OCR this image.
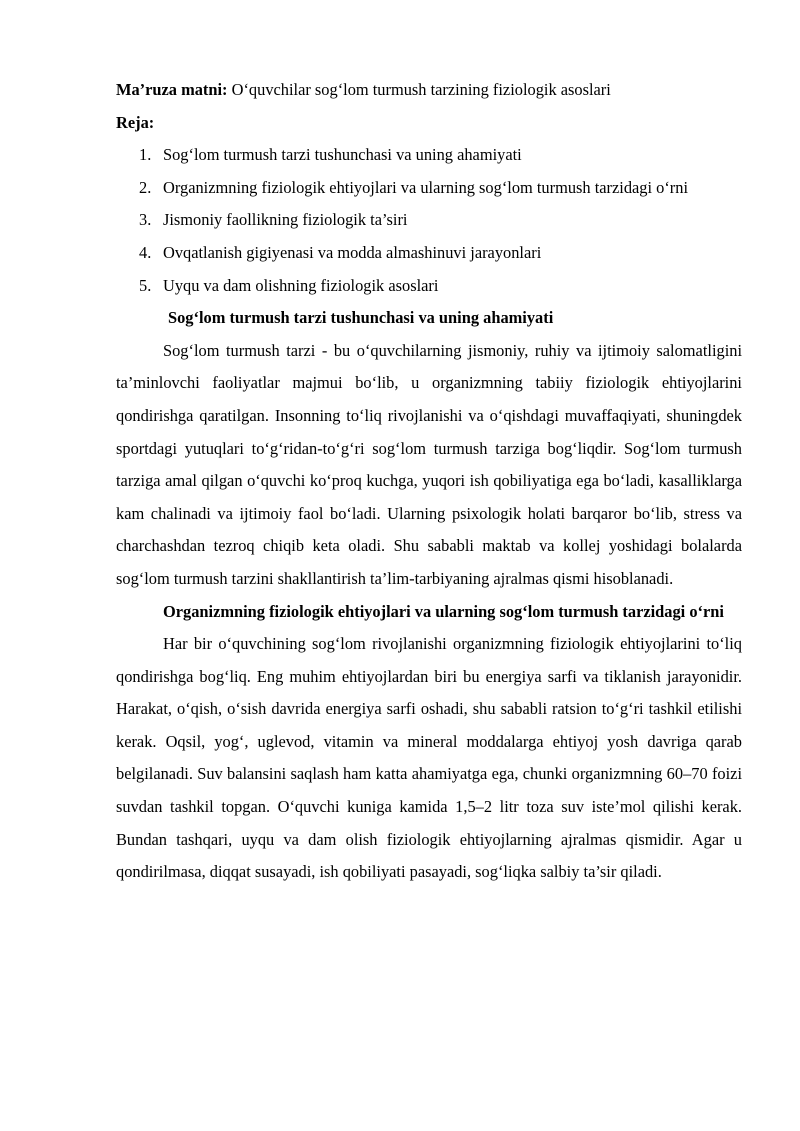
Ma’ruza matni: O‘quvchilar sog‘lom turmush tarzining fiziologik asoslari
Reja:
1. Sog‘lom turmush tarzi tushunchasi va uning ahamiyati
2. Organizmning fiziologik ehtiyojlari va ularning sog‘lom turmush tarzidagi o‘rni
3. Jismoniy faollikning fiziologik ta’siri
4. Ovqatlanish gigiyenasi va modda almashinuvi jarayonlari
5. Uyqu va dam olishning fiziologik asoslari
Sog‘lom turmush tarzi tushunchasi va uning ahamiyati

Sog‘lom turmush tarzi - bu o‘quvchilarning jismoniy, ruhiy va ijtimoiy salomatligini ta’minlovchi faoliyatlar majmui bo‘lib, u organizmning tabiiy fiziologik ehtiyojlarini qondirishga qaratilgan. Insonning to‘liq rivojlanishi va o‘qishdagi muvaffaqiyati, shuningdek sportdagi yutuqlari to‘g‘ridan-to‘g‘ri sog‘lom turmush tarziga bog‘liqdir. Sog‘lom turmush tarziga amal qilgan o‘quvchi ko‘proq kuchga, yuqori ish qobiliyatiga ega bo‘ladi, kasalliklarga kam chalinadi va ijtimoiy faol bo‘ladi. Ularning psixologik holati barqaror bo‘lib, stress va charchashdan tezroq chiqib keta oladi. Shu sababli maktab va kollej yoshidagi bolalarda sog‘lom turmush tarzini shakllantirish ta’lim-tarbiyaning ajralmas qismi hisoblanadi.

Organizmning fiziologik ehtiyojlari va ularning sog‘lom turmush tarzidagi o‘rni

Har bir o‘quvchining sog‘lom rivojlanishi organizmning fiziologik ehtiyojlarini to‘liq qondirishga bog‘liq. Eng muhim ehtiyojlardan biri bu energiya sarfi va tiklanish jarayonidir. Harakat, o‘qish, o‘sish davrida energiya sarfi oshadi, shu sababli ratsion to‘g‘ri tashkil etilishi kerak. Oqsil, yog‘, uglevod, vitamin va mineral moddalarga ehtiyoj yosh davriga qarab belgilanadi. Suv balansini saqlash ham katta ahamiyatga ega, chunki organizmning 60–70 foizi suvdan tashkil topgan. O‘quvchi kuniga kamida 1,5–2 litr toza suv iste’mol qilishi kerak. Bundan tashqari, uyqu va dam olish fiziologik ehtiyojlarning ajralmas qismidir. Agar u qondirilmasa, diqqat susayadi, ish qobiliyati pasayadi, sog‘liqka salbiy ta’sir qiladi.
